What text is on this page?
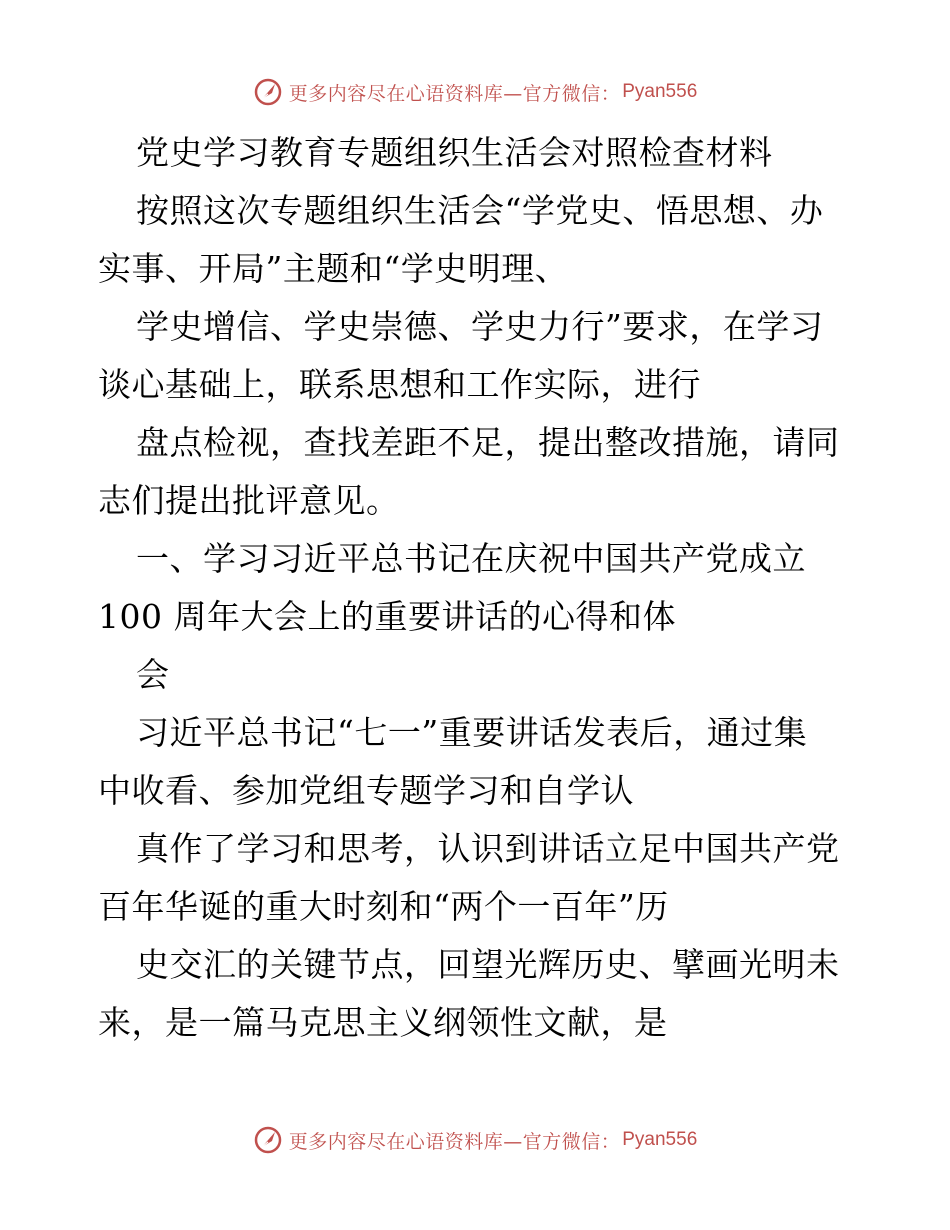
更多内容尽在心语资料库—官方微信： Pyan556
党史学习教育专题组织生活会对照检查材料
按照这次专题组织生活会“学党史、悟思想、办
实事、开局”主题和“学史明理、
学史增信、学史崇德、学史力行”要求，在学习
谈心基础上，联系思想和工作实际，进行
盘点检视，查找差距不足，提出整改措施，请同
志们提出批评意见。
一、学习习近平总书记在庆祝中国共产党成立
100 周年大会上的重要讲话的心得和体
会
习近平总书记“七一”重要讲话发表后，通过集
中收看、参加党组专题学习和自学认
真作了学习和思考，认识到讲话立足中国共产党
百年华诞的重大时刻和“两个一百年”历
史交汇的关键节点，回望光辉历史、擘画光明未
来，是一篇马克思主义纲领性文献，是
更多内容尽在心语资料库—官方微信： Pyan556
